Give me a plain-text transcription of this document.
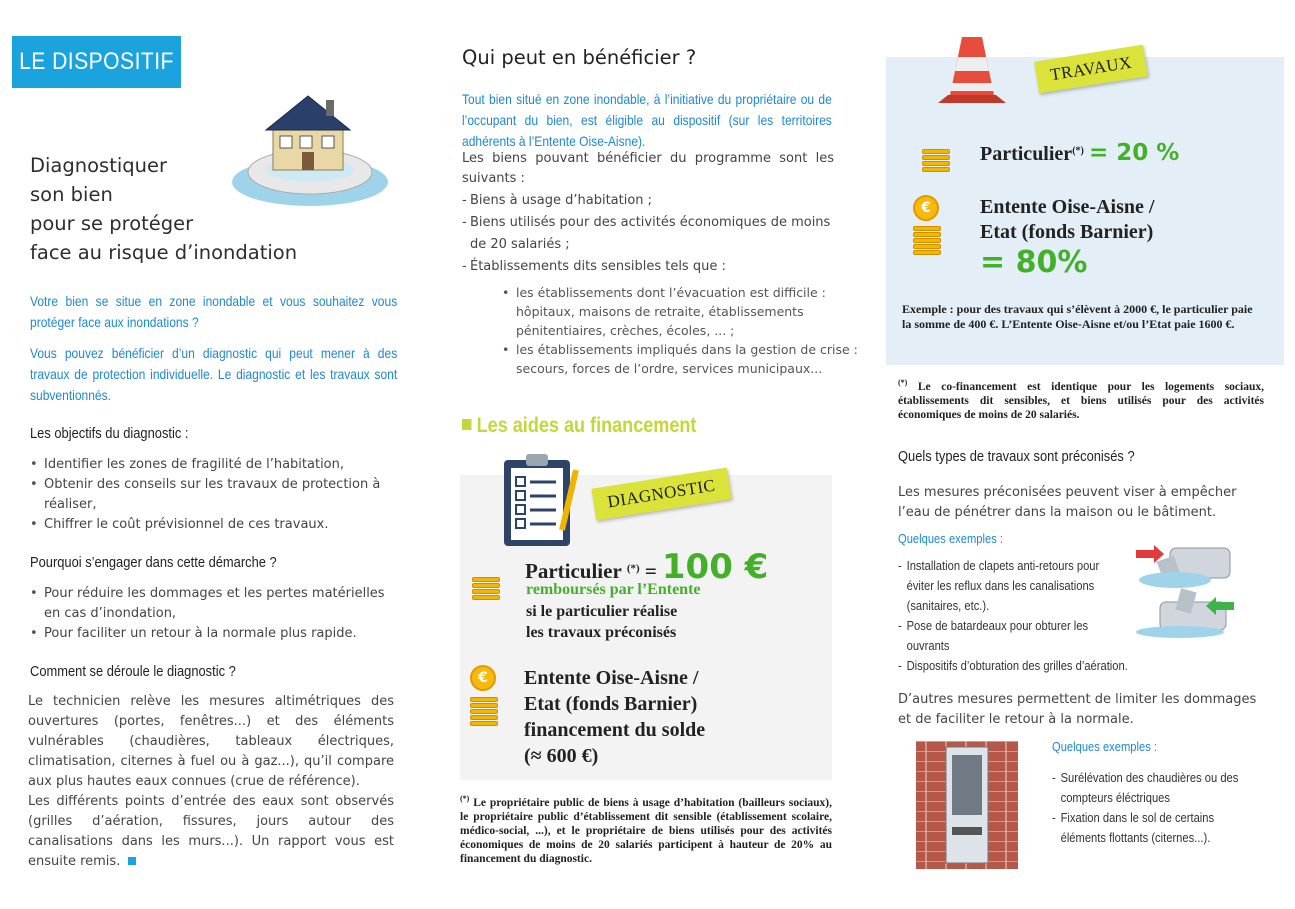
LE DISPOSITIF
Diagnostiquer
son bien
pour se protéger
face au risque d’inondation
Votre bien se situe en zone inondable et vous souhaitez vous protéger face aux inondations ?
Vous pouvez bénéficier d’un diagnostic qui peut mener à des travaux de protection individuelle. Le diagnostic et les travaux sont subventionnés.
Les objectifs du diagnostic :
• Identifier les zones de fragilité de l’habitation,
• Obtenir des conseils sur les travaux de protection à réaliser,
• Chiffrer le coût prévisionnel de ces travaux.
Pourquoi s’engager dans cette démarche ?
• Pour réduire les dommages et les pertes matérielles en cas d’inondation,
• Pour faciliter un retour à la normale plus rapide.
Comment se déroule le diagnostic ?
Le technicien relève les mesures altimétriques des ouvertures (portes, fenêtres...) et des éléments vulnérables (chaudières, tableaux électriques, climatisation, citernes à fuel ou à gaz...), qu’il compare aux plus hautes eaux connues (crue de référence).
Les différents points d’entrée des eaux sont observés (grilles d’aération, fissures, jours autour des canalisations dans les murs...). Un rapport vous est ensuite remis.
Qui peut en bénéficier ?
Tout bien situé en zone inondable, à l’initiative du propriétaire ou de l’occupant du bien, est éligible au dispositif (sur les territoires adhérents à l’Entente Oise-Aisne).
Les biens pouvant bénéficier du programme sont les suivants :
- Biens à usage d’habitation ;
- Biens utilisés pour des activités économiques de moins de 20 salariés ;
- Établissements dits sensibles tels que :
• les établissements dont l’évacuation est difficile : hôpitaux, maisons de retraite, établissements pénitentiaires, crèches, écoles, ... ;
• les établissements impliqués dans la gestion de crise : secours, forces de l’ordre, services municipaux...
Les aides au financement
DIAGNOSTIC
Particulier (*) = 100 €
remboursés par l’Entente
si le particulier réalise
les travaux préconisés
€	Entente Oise-Aisne /
Etat (fonds Barnier)
financement du solde
(≈ 600 €)
(*) Le propriétaire public de biens à usage d’habitation (bailleurs sociaux), le propriétaire public d’établissement dit sensible (établissement scolaire, médico-social, ...), et le propriétaire de biens utilisés pour des activités économiques de moins de 20 salariés participent à hauteur de 20% au financement du diagnostic.
TRAVAUX
Particulier(*) = 20 %
€	Entente Oise-Aisne /
Etat (fonds Barnier)
= 80%
Exemple : pour des travaux qui s’élèvent à 2000 €, le particulier paie la somme de 400 €. L’Entente Oise-Aisne et/ou l’Etat paie 1600 €.
(*) Le co-financement est identique pour les logements sociaux, établissements dit sensibles, et biens utilisés pour des activités économiques de moins de 20 salariés.
Quels types de travaux sont préconisés ?
Les mesures préconisées peuvent viser à empêcher l’eau de pénétrer dans la maison ou le bâtiment.
Quelques exemples :
- Installation de clapets anti-retours pour éviter les reflux dans les canalisations (sanitaires, etc.).
- Pose de batardeaux pour obturer les ouvrants
- Dispositifs d’obturation des grilles d’aération.
D’autres mesures permettent de limiter les dommages et de faciliter le retour à la normale.
Quelques exemples :
- Surélévation des chaudières ou des compteurs éléctriques
- Fixation dans le sol de certains éléments flottants (citernes...).
